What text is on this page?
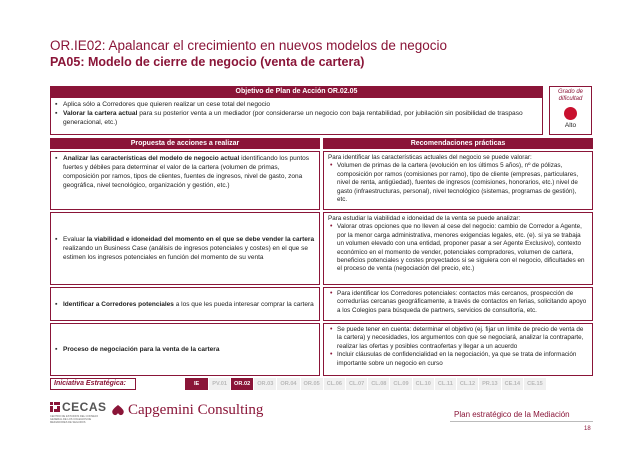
OR.IE02: Apalancar el crecimiento en nuevos modelos de negocio
PA05: Modelo de cierre de negocio (venta de cartera)
Objetivo de Plan de Acción OR.02.05
▪ Aplica sólo a Corredores que quieren realizar un cese total del negocio
▪ Valorar la cartera actual para su posterior venta a un mediador (por considerarse un negocio con baja rentabilidad, por jubilación sin posibilidad de traspaso generacional, etc.)
Grado de dificultad
Alto
Propuesta de acciones a realizar	Recomendaciones prácticas
▪ Analizar las características del modelo de negocio actual identificando los puntos fuertes y débiles para determinar el valor de la cartera (volumen de primas, composición por ramos, tipos de clientes, fuentes de ingresos, nivel de gasto, zona geográfica, nivel tecnológico, organización y gestión, etc.)
Para identificar las características actuales del negocio se puede valorar:
• Volumen de primas de la cartera (evolución en los últimos 5 años), nº de pólizas, composición por ramos (comisiones por ramo), tipo de cliente (empresas, particulares, nivel de renta, antigüedad), fuentes de ingresos (comisiones, honorarios, etc.) nivel de gasto (infraestructuras, personal), nivel tecnológico (sistemas, programas de gestión), etc.
▪ Evaluar la viabilidad e idoneidad del momento en el que se debe vender la cartera realizando un Business Case (análisis de ingresos potenciales y costes) en el que se estimen los ingresos potenciales en función del momento de su venta
Para estudiar la viabilidad e idoneidad de la venta se puede analizar:
• Valorar otras opciones que no lleven al cese del negocio: cambio de Corredor a Agente, por la menor carga administrativa, menores exigencias legales, etc. (e). si ya se trabaja un volumen elevado con una entidad, proponer pasar a ser Agente Exclusivo), contexto económico en el momento de vender, potenciales compradores, volumen de cartera, beneficios potenciales y costes proyectados si se siguiera con el negocio, dificultades en el proceso de venta (negociación del precio, etc.)
▪ Identificar a Corredores potenciales a los que les pueda interesar comprar la cartera
• Para identificar los Corredores potenciales: contactos más cercanos, prospección de corredurías cercanas geográficamente, a través de contactos en ferias, solicitando apoyo a los Colegios para búsqueda de partners, servicios de consultoría, etc.
▪ Proceso de negociación para la venta de la cartera
• Se puede tener en cuenta: determinar el objetivo (ej. fijar un límite de precio de venta de la cartera) y necesidades, los argumentos con que se negociará, analizar la contraparte, realizar las ofertas y posibles contraofertas y llegar a un acuerdo
• Incluir cláusulas de confidencialidad en la negociación, ya que se trata de información importante sobre un negocio en curso
Iniciativa Estratégica:	IE	PV.01	OR.02	OR.03	OR.04	OR.05	CL.06	CL.07	CL.08	CL.09	CL.10	CL.11	CL.12	PR.13	CE.14	CE.15
CECAS
CENTRO DE ESTUDIOS DEL CONSEJO GENERAL DE LOS COLEGIOS DE MEDIADORES DE SEGUROS
Capgemini Consulting	Plan estratégico de la Mediación
18
